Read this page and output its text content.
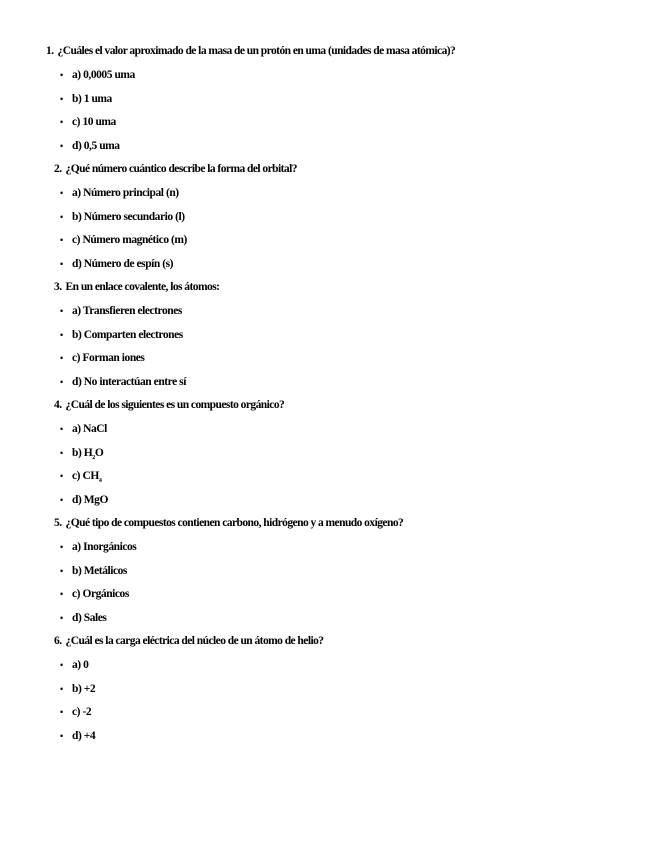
1. ¿Cuáles el valor aproximado de la masa de un protón en uma (unidades de masa atómica)?
• a) 0,0005 uma
• b) 1 uma
• c) 10 uma
• d) 0,5 uma
2. ¿Qué número cuántico describe la forma del orbital?
• a) Número principal (n)
• b) Número secundario (l)
• c) Número magnético (m)
• d) Número de espín (s)
3. En un enlace covalente, los átomos:
• a) Transfieren electrones
• b) Comparten electrones
• c) Forman iones
• d) No interactúan entre sí
4. ¿Cuál de los siguientes es un compuesto orgánico?
• a) NaCl
• b) $H_2O$
• c) $CH_4$
• d) MgO
5. ¿Qué tipo de compuestos contienen carbono, hidrógeno y a menudo oxígeno?
• a) Inorgánicos
• b) Metálicos
• c) Orgánicos
• d) Sales
6. ¿Cuál es la carga eléctrica del núcleo de un átomo de helio?
• a) 0
• b) +2
• c) -2
• d) +4
